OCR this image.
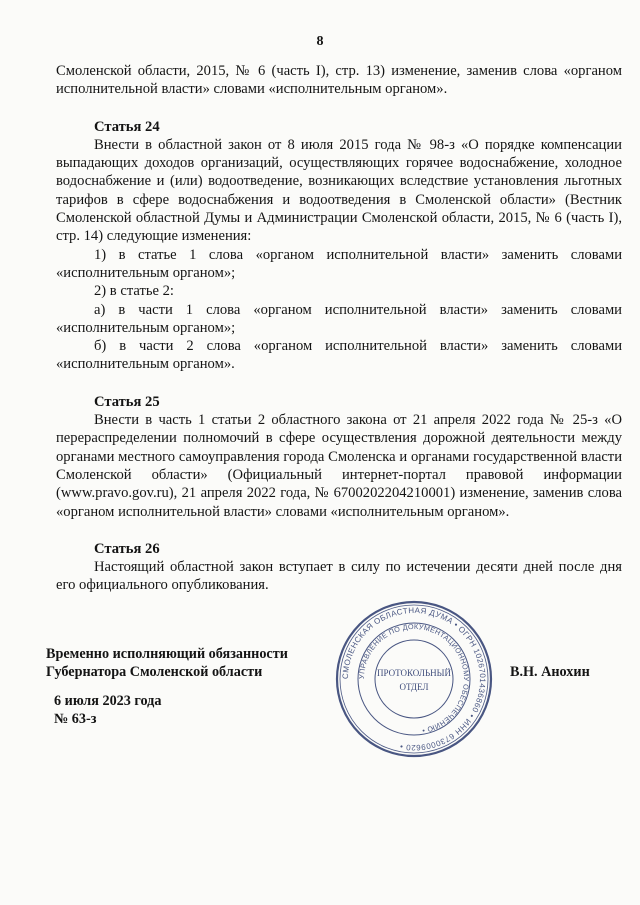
8

Смоленской области, 2015, № 6 (часть I), стр. 13) изменение, заменив слова «органом исполнительной власти» словами «исполнительным органом».

Статья 24

Внести в областной закон от 8 июля 2015 года № 98-з «О порядке компенсации выпадающих доходов организаций, осуществляющих горячее водоснабжение, холодное водоснабжение и (или) водоотведение, возникающих вследствие установления льготных тарифов в сфере водоснабжения и водоотведения в Смоленской области» (Вестник Смоленской областной Думы и Администрации Смоленской области, 2015, № 6 (часть I), стр. 14) следующие изменения:

1) в статье 1 слова «органом исполнительной власти» заменить словами «исполнительным органом»;

2) в статье 2:

а) в части 1 слова «органом исполнительной власти» заменить словами «исполнительным органом»;

б) в части 2 слова «органом исполнительной власти» заменить словами «исполнительным органом».

Статья 25

Внести в часть 1 статьи 2 областного закона от 21 апреля 2022 года № 25-з «О перераспределении полномочий в сфере осуществления дорожной деятельности между органами местного самоуправления города Смоленска и органами государственной власти Смоленской области» (Официальный интернет-портал правовой информации (www.pravo.gov.ru), 21 апреля 2022 года, № 6700202204210001) изменение, заменив слова «органом исполнительной власти» словами «исполнительным органом».

Статья 26

Настоящий областной закон вступает в силу по истечении десяти дней после дня его официального опубликования.

Временно исполняющий обязанности
Губернатора Смоленской области
6 июля 2023 года
№ 63-з
В.Н. Анохин
СМОЛЕНСКАЯ ОБЛАСТНАЯ ДУМА • ОГРН 1026701436860 • ИНН 6730009620 •
УПРАВЛЕНИЕ ПО ДОКУМЕНТАЦИОННОМУ ОБЕСПЕЧЕНИЮ •
ПРОТОКОЛЬНЫЙ
ОТДЕЛ
